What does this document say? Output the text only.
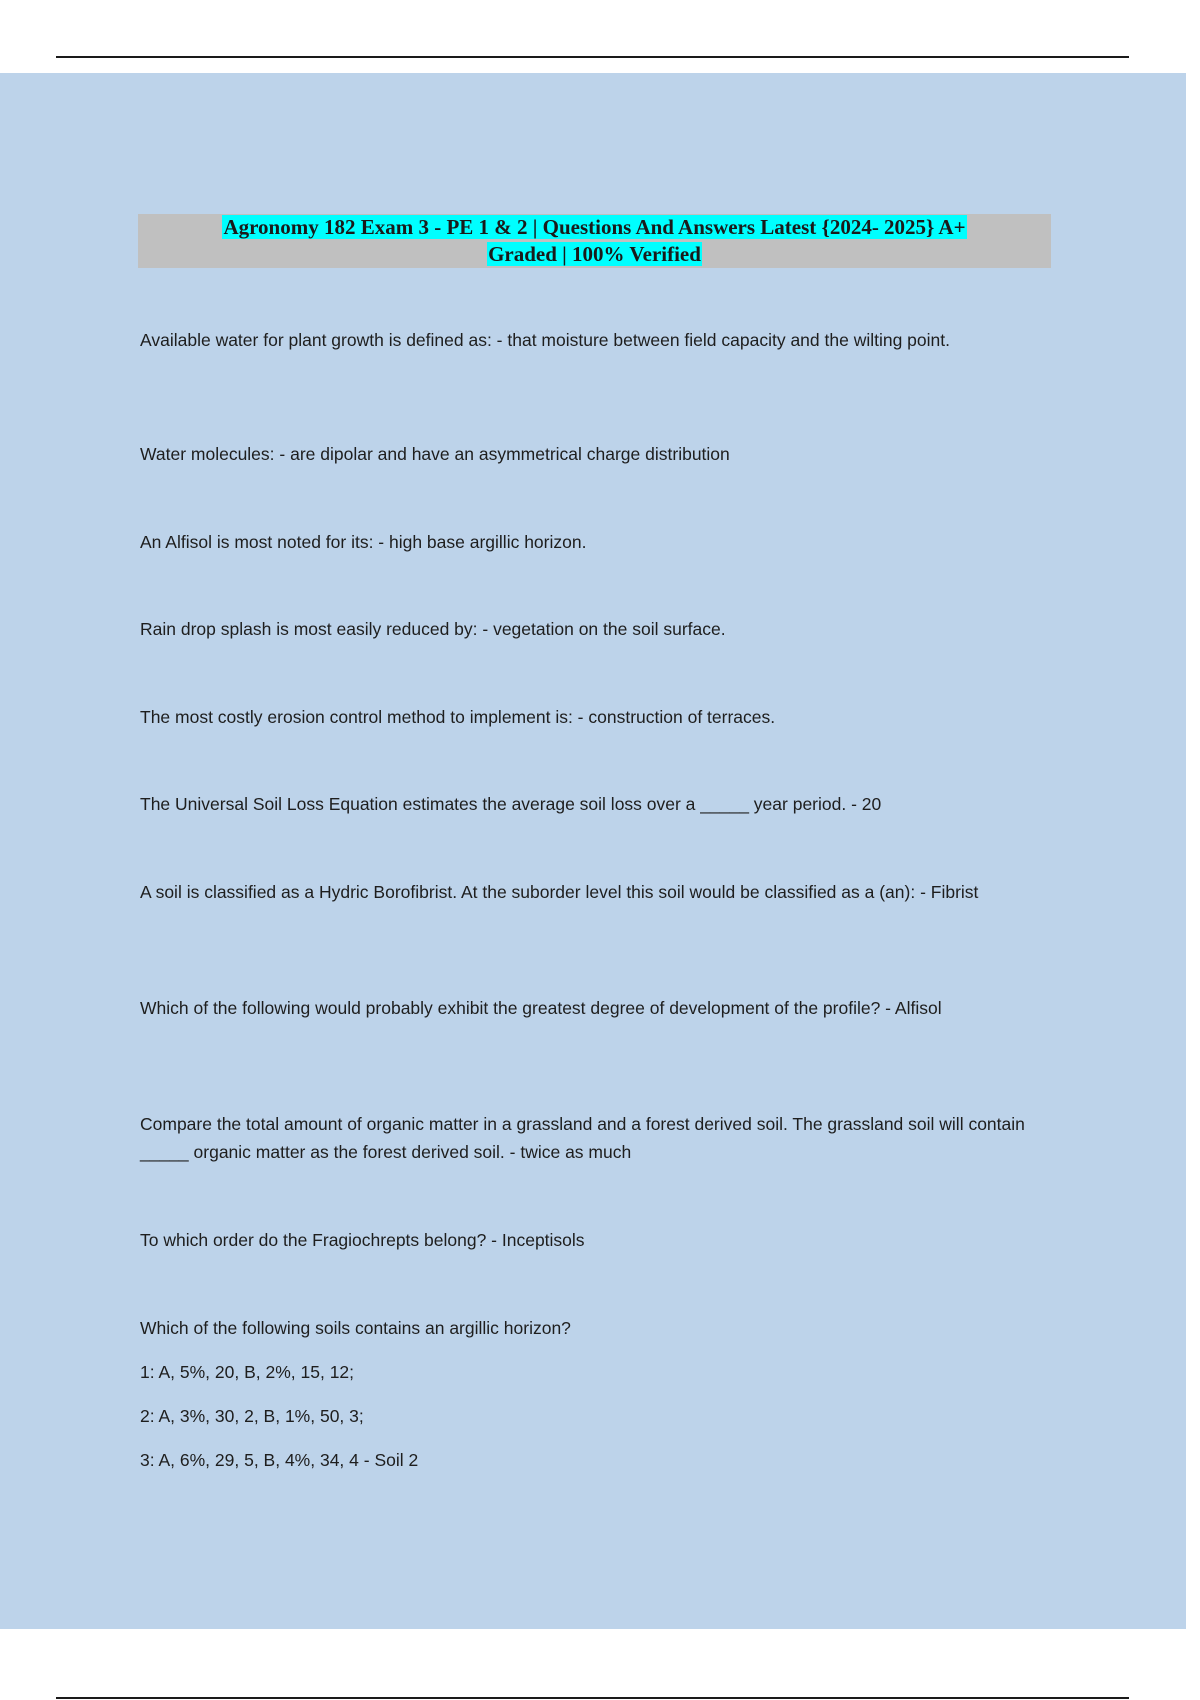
Agronomy 182 Exam 3 - PE 1 & 2 | Questions And Answers Latest {2024- 2025} A+
Graded | 100% Verified

Available water for plant growth is defined as: - that moisture between field capacity and the wilting point.

Water molecules: - are dipolar and have an asymmetrical charge distribution

An Alfisol is most noted for its: - high base argillic horizon.

Rain drop splash is most easily reduced by: - vegetation on the soil surface.

The most costly erosion control method to implement is: - construction of terraces.

The Universal Soil Loss Equation estimates the average soil loss over a _____ year period. - 20

A soil is classified as a Hydric Borofibrist. At the suborder level this soil would be classified as a (an): - Fibrist

Which of the following would probably exhibit the greatest degree of development of the profile? - Alfisol

Compare the total amount of organic matter in a grassland and a forest derived soil. The grassland soil will contain _____ organic matter as the forest derived soil. - twice as much

To which order do the Fragiochrepts belong? - Inceptisols

Which of the following soils contains an argillic horizon?

1: A, 5%, 20, B, 2%, 15, 12;

2: A, 3%, 30, 2, B, 1%, 50, 3;

3: A, 6%, 29, 5, B, 4%, 34, 4 - Soil 2
